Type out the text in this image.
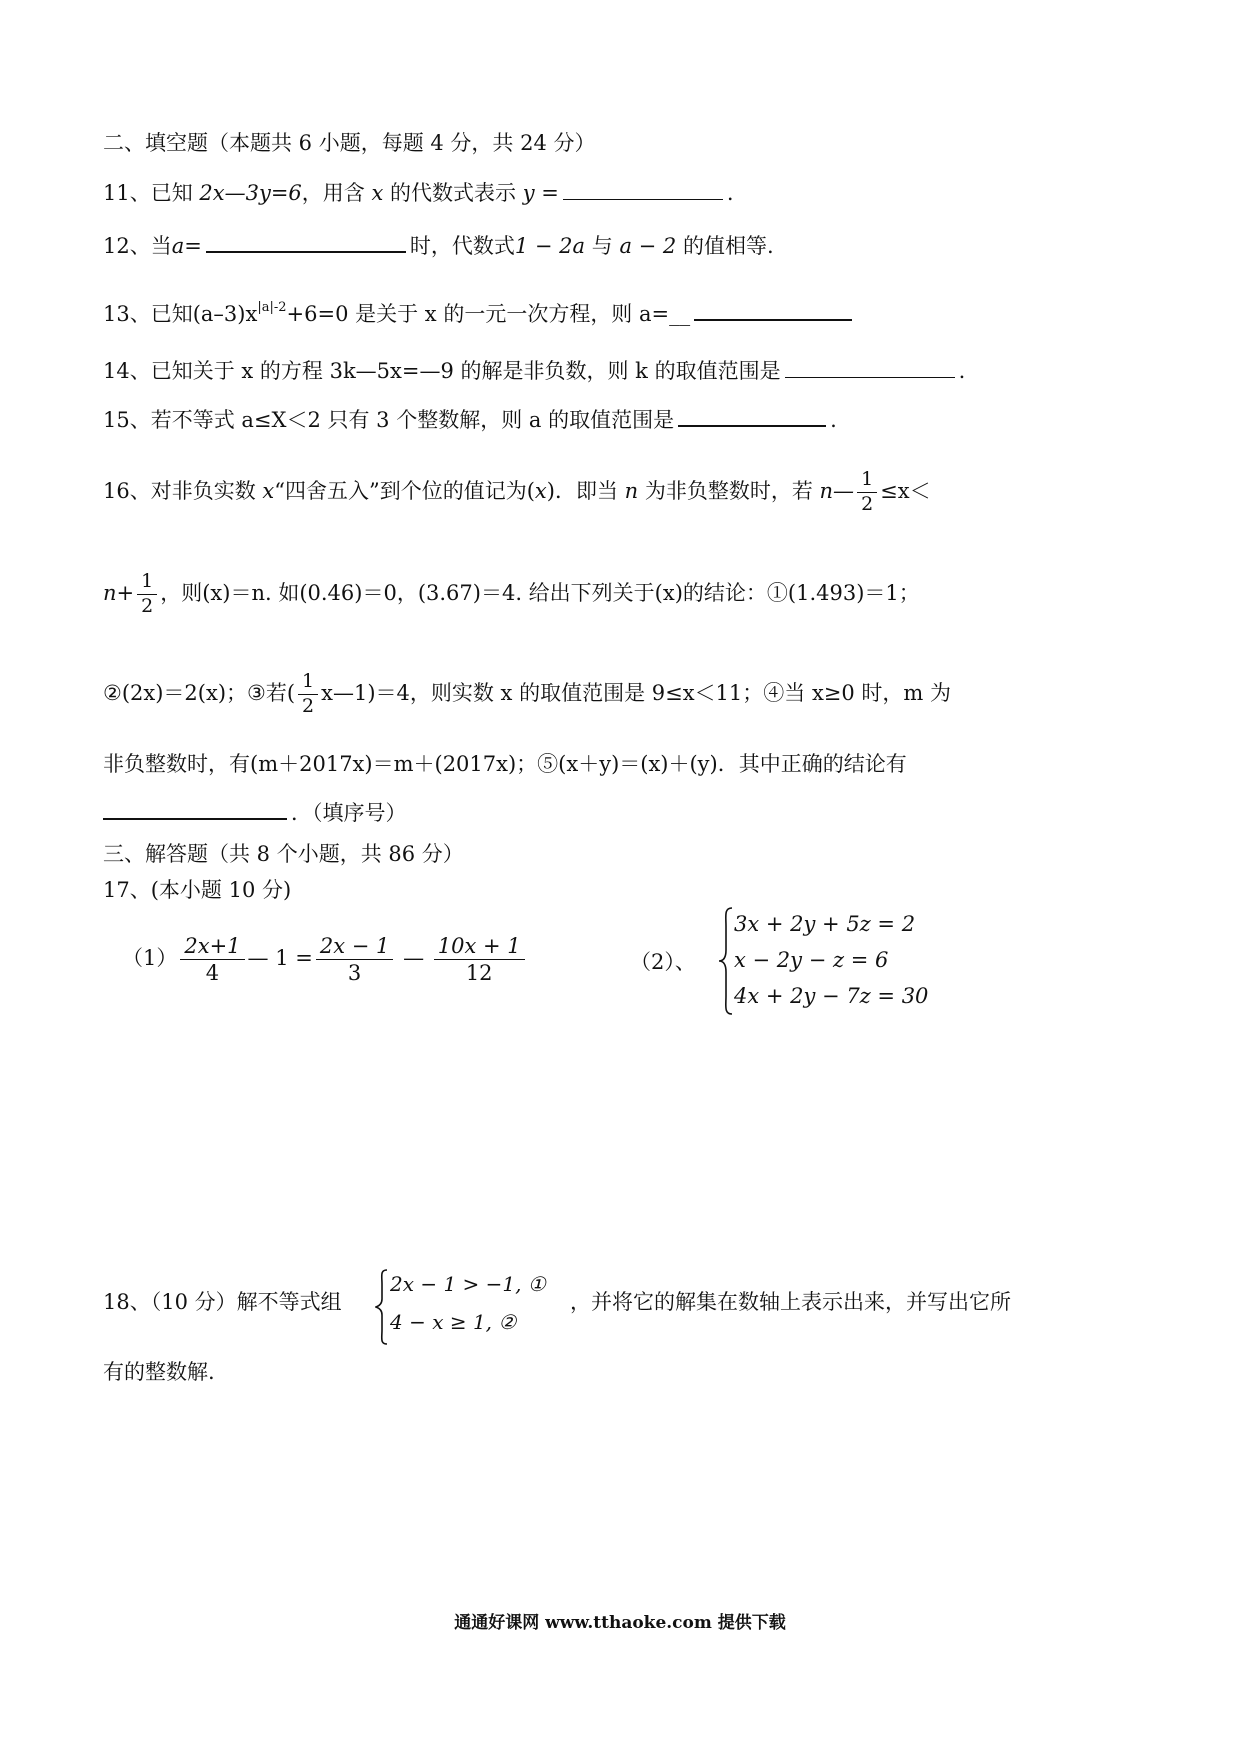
二、填空题（本题共 6 小题，每题 4 分，共 24 分）
11、已知 2x—3y=6，用含 x 的代数式表示 y =	.
12、当a=	时，代数式1 − 2a 与 a − 2 的值相等.
13、已知$(a-3)x^{|a|-2}+6=0$ 是关于 x 的一元一次方程，则 a=__
14、已知关于 x 的方程 3k—5x=—9 的解是非负数，则 k 的取值范围是	.
15、若不等式 a≤X＜2 只有 3 个整数解，则 a 的取值范围是	.
16、对非负实数 x“四舍五入”到个位的值记为(x)．即当 n 为非负整数时，若 n— $\frac{1}{2} \le x<$
$n+ \frac{1}{2}$ ，则(x)＝n. 如(0.46)＝0，(3.67)＝4. 给出下列关于(x)的结论：①(1.493)＝1；
②(2x)＝2(x)；③若( $\frac{1}{2}$ x—1)＝4，则实数 x 的取值范围是 9≤x＜11；④当 x≥0 时，m 为
非负整数时，有(m＋2017x)＝m＋(2017x)；⑤(x＋y)＝(x)＋(y)．其中正确的结论有
．（填序号）
三、解答题（共 8 个小题，共 86 分）
17、(本小题 10 分)
$(1) \frac{2x+1}{4}$ — $1 = \frac{2x - 1}{3}$ — $\frac{10x + 1}{12}$	（2）、
3x + 2y + 5z = 2
x − 2y − z = 6
4x + 2y − 7z = 30
18、（10 分）解不等式组
2x − 1 > −1, ①
4 − x ≥ 1, ②
，并将它的解集在数轴上表示出来，并写出它所
有的整数解.
通通好课网 www.tthaoke.com 提供下载
